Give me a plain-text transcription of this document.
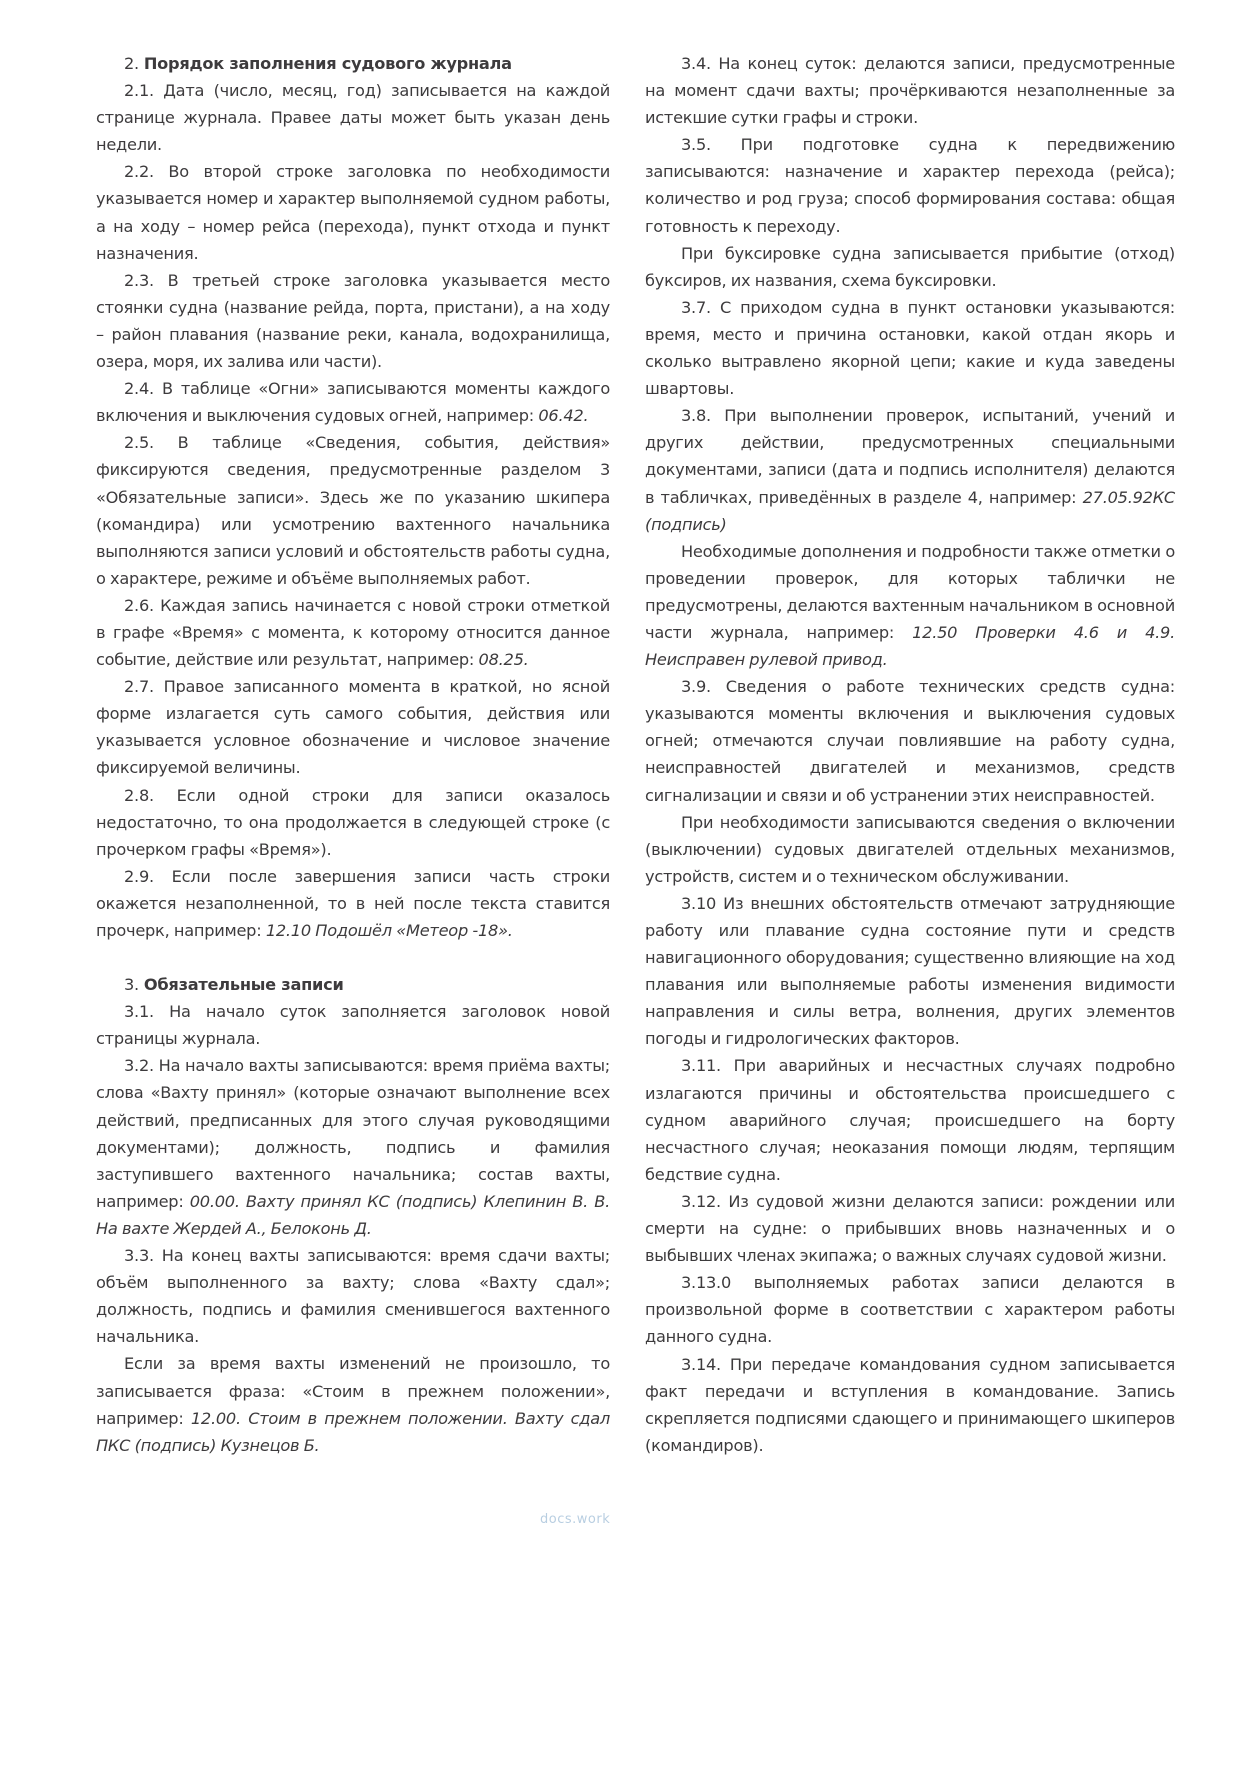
2. Порядок заполнения судового журнала

2.1. Дата (число, месяц, год) записывается на каждой странице журнала. Правее даты может быть указан день недели.

2.2. Во второй строке заголовка по необходимости указывается номер и характер выполняемой судном работы, а на ходу – номер рейса (перехода), пункт отхода и пункт назначения.

2.3. В третьей строке заголовка указывается место стоянки судна (название рейда, порта, пристани), а на ходу – район плавания (название реки, канала, водохранилища, озера, моря, их залива или части).

2.4. В таблице «Огни» записываются моменты каждого включения и выключения судовых огней, например: 06.42.

2.5. В таблице «Сведения, события, действия» фиксируются сведения, предусмотренные разделом 3 «Обязательные записи». Здесь же по указанию шкипера (командира) или усмотрению вахтенного начальника выполняются записи условий и обстоятельств работы судна, о характере, режиме и объёме выполняемых работ.

2.6. Каждая запись начинается с новой строки отметкой в графе «Время» с момента, к которому относится данное событие, действие или результат, например: 08.25.

2.7. Правое записанного момента в краткой, но ясной форме излагается суть самого события, действия или указывается условное обозначение и числовое значение фиксируемой величины.

2.8. Если одной строки для записи оказалось недостаточно, то она продолжается в следующей строке (с прочерком графы «Время»).

2.9. Если после завершения записи часть строки окажется незаполненной, то в ней после текста ставится прочерк, например: 12.10 Подошёл «Метеор -18».

3. Обязательные записи

3.1. На начало суток заполняется заголовок новой страницы журнала.

3.2. На начало вахты записываются: время приёма вахты; слова «Вахту принял» (которые означают выполнение всех действий, предписанных для этого случая руководящими документами); должность, подпись и фамилия заступившего вахтенного начальника; состав вахты, например: 00.00. Вахту принял КС (подпись) Клепинин В. В. На вахте Жердей А., Белоконь Д.

3.3. На конец вахты записываются: время сдачи вахты; объём выполненного за вахту; слова «Вахту сдал»; должность, подпись и фамилия сменившегося вахтенного начальника.

Если за время вахты изменений не произошло, то записывается фраза: «Стоим в прежнем положении», например: 12.00. Стоим в прежнем положении. Вахту сдал ПКС (подпись) Кузнецов Б.

3.4. На конец суток: делаются записи, предусмотренные на момент сдачи вахты; прочёркиваются незаполненные за истекшие сутки графы и строки.

3.5. При подготовке судна к передвижению записываются: назначение и характер перехода (рейса); количество и род груза; способ формирования состава: общая готовность к переходу.

При буксировке судна записывается прибытие (отход) буксиров, их названия, схема буксировки.

3.7. С приходом судна в пункт остановки указываются: время, место и причина остановки, какой отдан якорь и сколько вытравлено якорной цепи; какие и куда заведены швартовы.

3.8. При выполнении проверок, испытаний, учений и других действии, предусмотренных специальными документами, записи (дата и подпись исполнителя) делаются в табличках, приведённых в разделе 4, например: 27.05.92КС (подпись)

Необходимые дополнения и подробности также отметки о проведении проверок, для которых таблички не предусмотрены, делаются вахтенным начальником в основной части журнала, например: 12.50 Проверки 4.6 и 4.9. Неисправен рулевой привод.

3.9. Сведения о работе технических средств судна: указываются моменты включения и выключения судовых огней; отмечаются случаи повлиявшие на работу судна, неисправностей двигателей и механизмов, средств сигнализации и связи и об устранении этих неисправностей.

При необходимости записываются сведения о включении (выключении) судовых двигателей отдельных механизмов, устройств, систем и о техническом обслуживании.

3.10 Из внешних обстоятельств отмечают затрудняющие работу или плавание судна состояние пути и средств навигационного оборудования; существенно влияющие на ход плавания или выполняемые работы изменения видимости направления и силы ветра, волнения, других элементов погоды и гидрологических факторов.

3.11. При аварийных и несчастных случаях подробно излагаются причины и обстоятельства происшедшего с судном аварийного случая; происшедшего на борту несчастного случая; неоказания помощи людям, терпящим бедствие судна.

3.12. Из судовой жизни делаются записи: рождении или смерти на судне: о прибывших вновь назначенных и о выбывших членах экипажа; о важных случаях судовой жизни.

3.13.0 выполняемых работах записи делаются в произвольной форме в соответствии с характером работы данного судна.

3.14. При передаче командования судном записывается факт передачи и вступления в командование. Запись скрепляется подписями сдающего и принимающего шкиперов (командиров).

docs.work
